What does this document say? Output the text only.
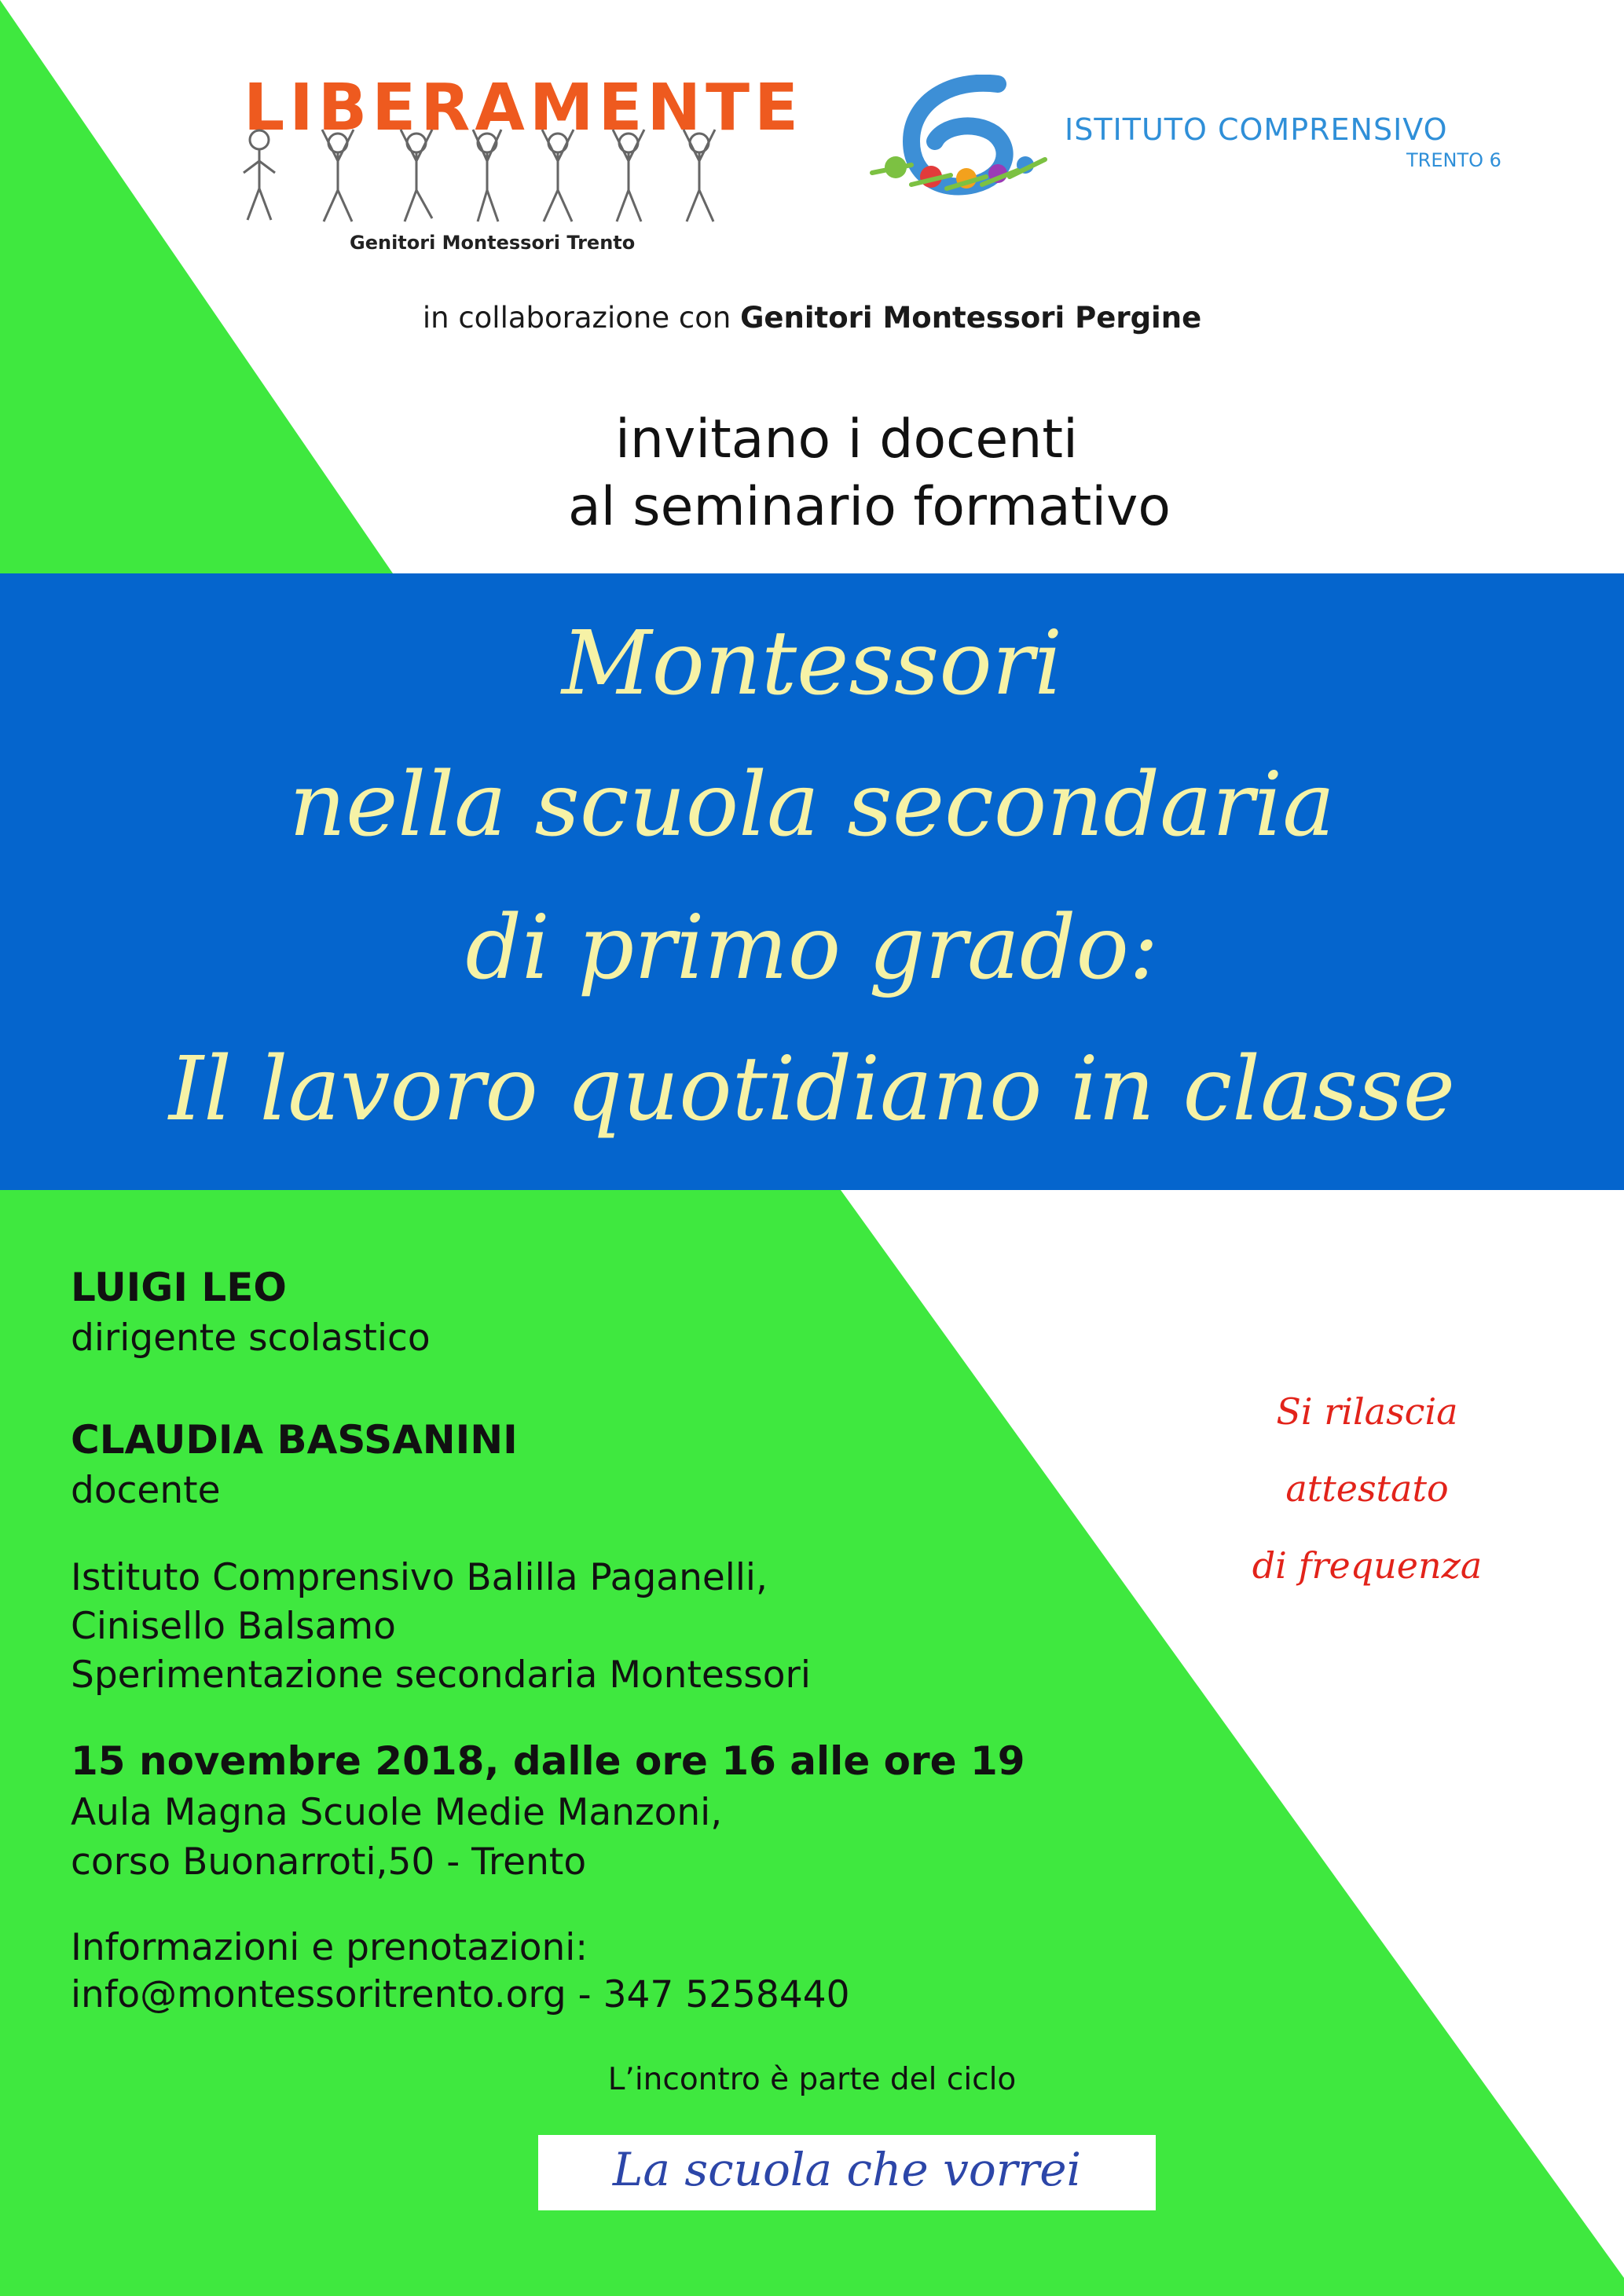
LIBERAMENTE
Genitori Montessori Trento
ISTITUTO COMPRENSIVO
TRENTO 6
in collaborazione con Genitori Montessori Pergine
invitano i docenti
al seminario formativo
Montessori
nella scuola secondaria
di primo grado:
Il lavoro quotidiano in classe
LUIGI LEO
dirigente scolastico
CLAUDIA BASSANINI
docente
Istituto Comprensivo Balilla Paganelli,
Cinisello Balsamo
Sperimentazione secondaria Montessori
15 novembre 2018, dalle ore 16 alle ore 19
Aula Magna Scuole Medie Manzoni,
corso Buonarroti,50 - Trento
Informazioni e prenotazioni:
info@montessoritrento.org - 347 5258440
Si rilascia
attestato
di frequenza
L’incontro è parte del ciclo
La scuola che vorrei
